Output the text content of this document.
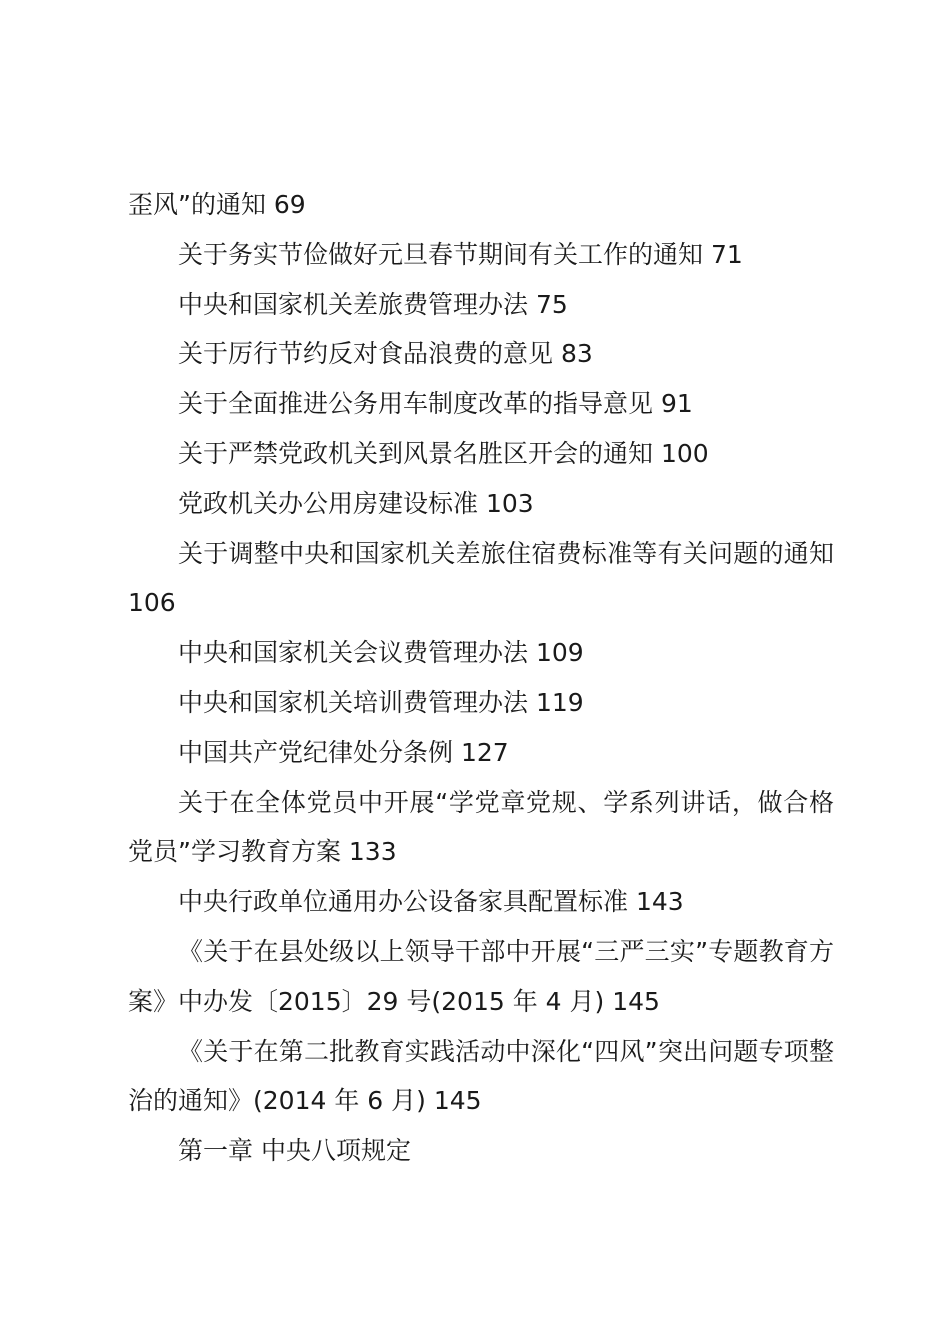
歪风”的通知 69
关于务实节俭做好元旦春节期间有关工作的通知 71
中央和国家机关差旅费管理办法 75
关于厉行节约反对食品浪费的意见 83
关于全面推进公务用车制度改革的指导意见 91
关于严禁党政机关到风景名胜区开会的通知 100
党政机关办公用房建设标准 103
关于调整中央和国家机关差旅住宿费标准等有关问题的通知 106
中央和国家机关会议费管理办法 109
中央和国家机关培训费管理办法 119
中国共产党纪律处分条例 127
关于在全体党员中开展“学党章党规、学系列讲话，做合格党员”学习教育方案 133
中央行政单位通用办公设备家具配置标准 143
《关于在县处级以上领导干部中开展“三严三实”专题教育方案》中办发〔2015〕29 号(2015 年 4 月) 145
《关于在第二批教育实践活动中深化“四风”突出问题专项整治的通知》(2014 年 6 月) 145
第一章 中央八项规定
